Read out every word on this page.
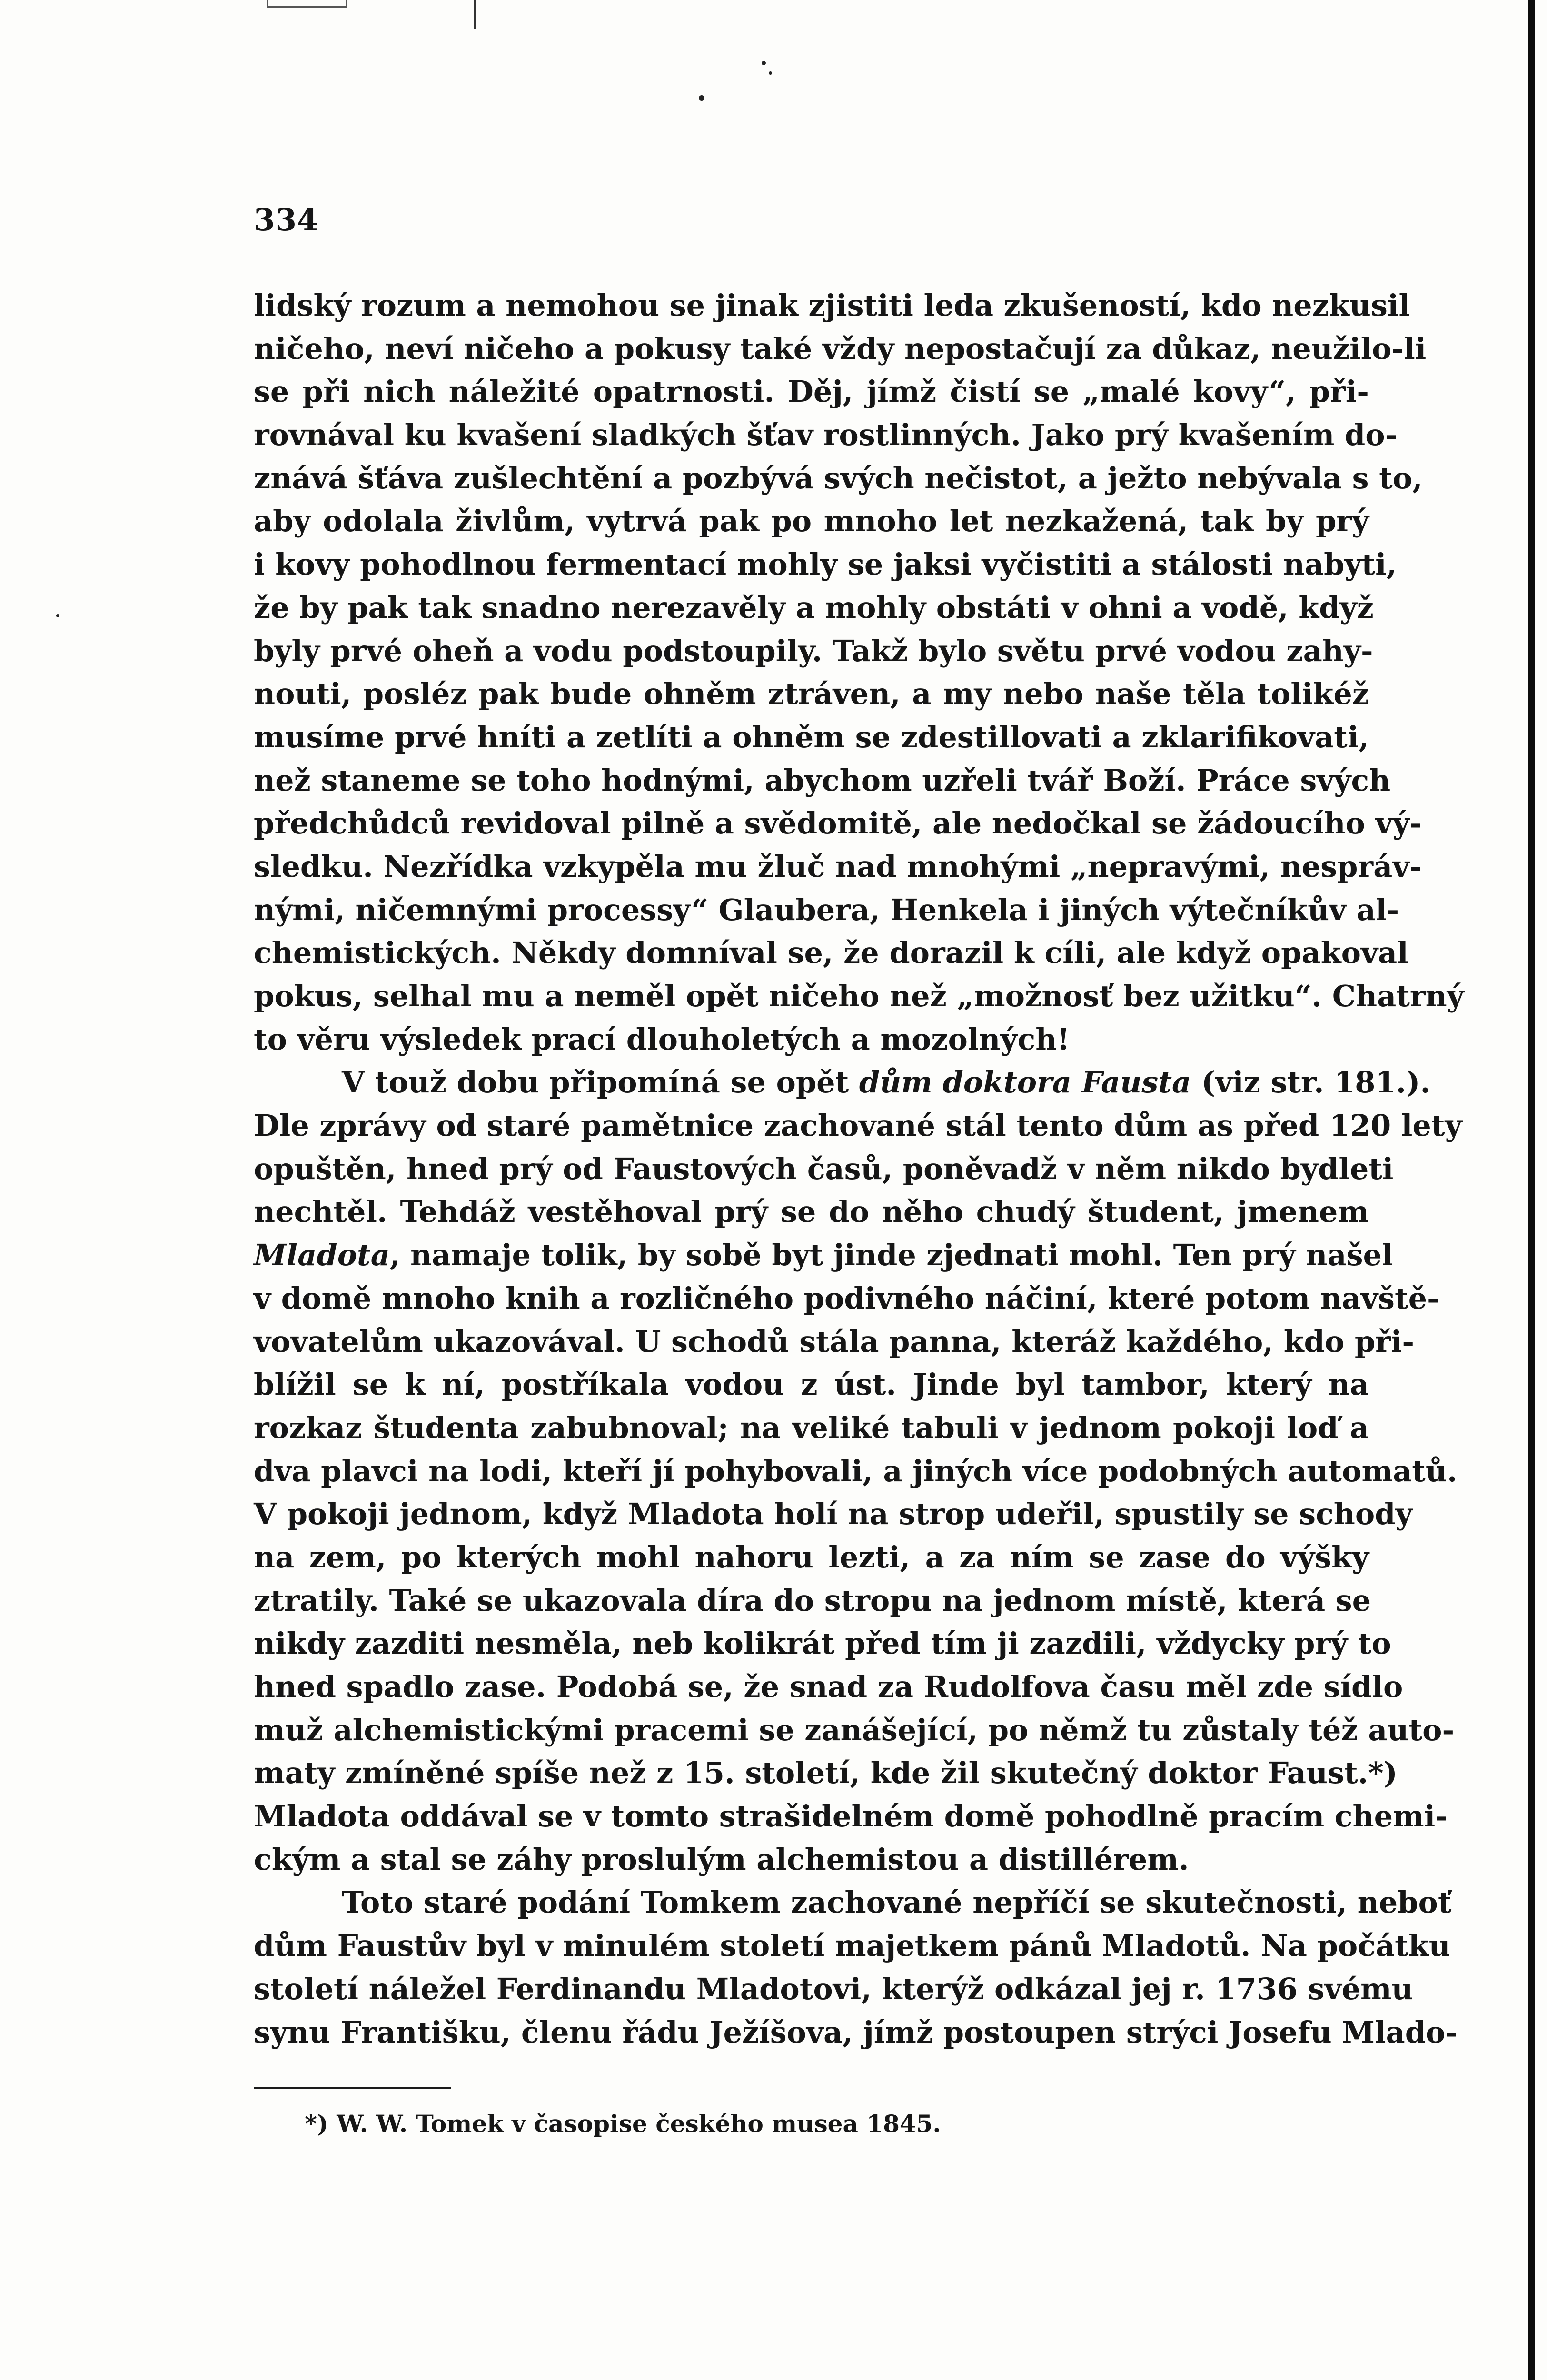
334
lidský rozum a nemohou se jinak zjistiti leda zkušeností, kdo nezkusil
ničeho, neví ničeho a pokusy také vždy nepostačují za důkaz, neužilo-li
se při nich náležité opatrnosti. Děj, jímž čistí se „malé kovy“, při-
rovnával ku kvašení sladkých šťav rostlinných. Jako prý kvašením do-
znává šťáva zušlechtění a pozbývá svých nečistot, a ježto nebývala s to,
aby odolala živlům, vytrvá pak po mnoho let nezkažená, tak by prý
i kovy pohodlnou fermentací mohly se jaksi vyčistiti a stálosti nabyti,
že by pak tak snadno nerezavěly a mohly obstáti v ohni a vodě, když
byly prvé oheň a vodu podstoupily. Takž bylo světu prvé vodou zahy-
nouti, posléz pak bude ohněm ztráven, a my nebo naše těla tolikéž
musíme prvé hníti a zetlíti a ohněm se zdestillovati a zklarifikovati,
než staneme se toho hodnými, abychom uzřeli tvář Boží. Práce svých
předchůdců revidoval pilně a svědomitě, ale nedočkal se žádoucího vý-
sledku. Nezřídka vzkypěla mu žluč nad mnohými „nepravými, nespráv-
nými, ničemnými processy“ Glaubera, Henkela i jiných výtečníkův al-
chemistických. Někdy domníval se, že dorazil k cíli, ale když opakoval
pokus, selhal mu a neměl opět ničeho než „možnosť bez užitku“. Chatrný
to věru výsledek prací dlouholetých a mozolných!
V touž dobu připomíná se opět dům doktora Fausta (viz str. 181.).
Dle zprávy od staré pamětnice zachované stál tento dům as před 120 lety
opuštěn, hned prý od Faustových časů, poněvadž v něm nikdo bydleti
nechtěl. Tehdáž vestěhoval prý se do něho chudý študent, jmenem
Mladota, namaje tolik, by sobě byt jinde zjednati mohl. Ten prý našel
v domě mnoho knih a rozličného podivného náčiní, které potom navště-
vovatelům ukazovával. U schodů stála panna, kteráž každého, kdo při-
blížil se k ní, postříkala vodou z úst. Jinde byl tambor, který na
rozkaz študenta zabubnoval; na veliké tabuli v jednom pokoji loď a
dva plavci na lodi, kteří jí pohybovali, a jiných více podobných automatů.
V pokoji jednom, když Mladota holí na strop udeřil, spustily se schody
na zem, po kterých mohl nahoru lezti, a za ním se zase do výšky
ztratily. Také se ukazovala díra do stropu na jednom místě, která se
nikdy zazditi nesměla, neb kolikrát před tím ji zazdili, vždycky prý to
hned spadlo zase. Podobá se, že snad za Rudolfova času měl zde sídlo
muž alchemistickými pracemi se zanášející, po němž tu zůstaly též auto-
maty zmíněné spíše než z 15. století, kde žil skutečný doktor Faust.*)
Mladota oddával se v tomto strašidelném domě pohodlně pracím chemi-
ckým a stal se záhy proslulým alchemistou a distillérem.
Toto staré podání Tomkem zachované nepříčí se skutečnosti, neboť
dům Faustův byl v minulém století majetkem pánů Mladotů. Na počátku
století náležel Ferdinandu Mladotovi, kterýž odkázal jej r. 1736 svému
synu Františku, členu řádu Ježíšova, jímž postoupen strýci Josefu Mlado-
*) W. W. Tomek v časopise českého musea 1845.
